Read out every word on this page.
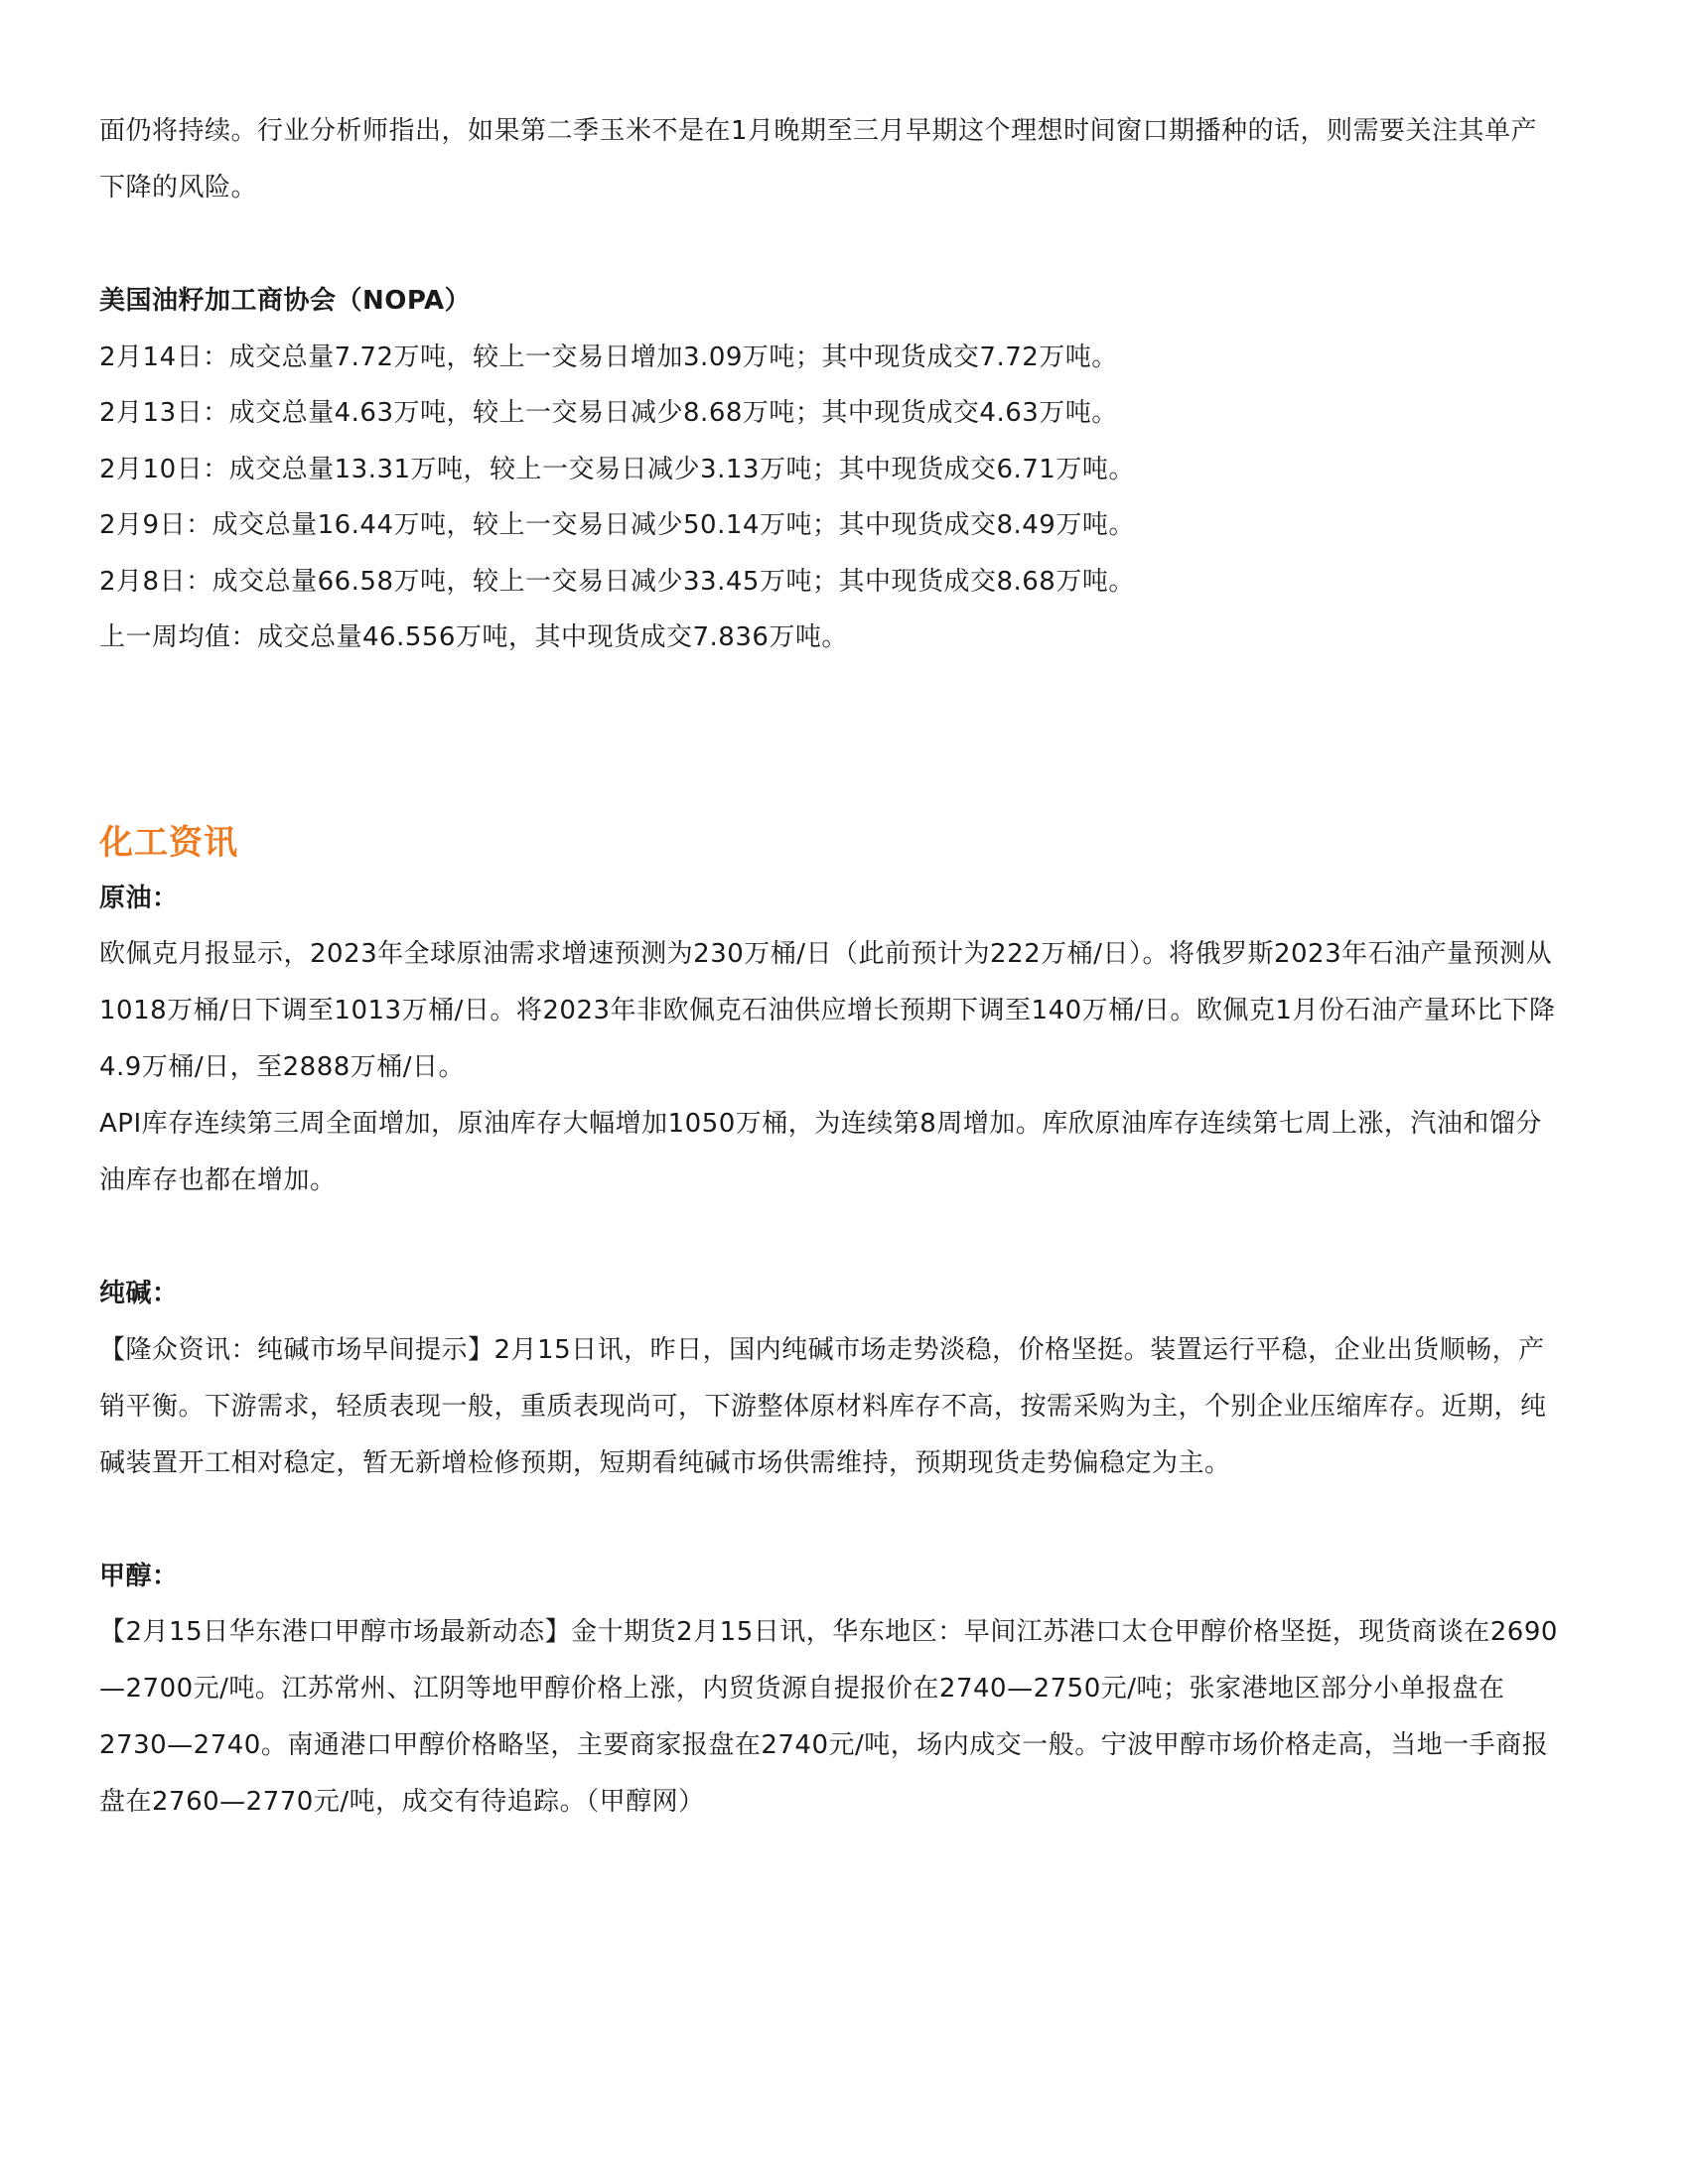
面仍将持续。行业分析师指出，如果第二季玉米不是在1月晚期至三月早期这个理想时间窗口期播种的话，则需要关注其单产下降的风险。

美国油籽加工商协会（NOPA）

2月14日：成交总量7.72万吨，较上一交易日增加3.09万吨；其中现货成交7.72万吨。

2月13日：成交总量4.63万吨，较上一交易日减少8.68万吨；其中现货成交4.63万吨。

2月10日：成交总量13.31万吨，较上一交易日减少3.13万吨；其中现货成交6.71万吨。

2月9日：成交总量16.44万吨，较上一交易日减少50.14万吨；其中现货成交8.49万吨。

2月8日：成交总量66.58万吨，较上一交易日减少33.45万吨；其中现货成交8.68万吨。

上一周均值：成交总量46.556万吨，其中现货成交7.836万吨。

化工资讯

原油：

欧佩克月报显示，2023年全球原油需求增速预测为230万桶/日（此前预计为222万桶/日）。将俄罗斯2023年石油产量预测从1018万桶/日下调至1013万桶/日。将2023年非欧佩克石油供应增长预期下调至140万桶/日。欧佩克1月份石油产量环比下降4.9万桶/日，至2888万桶/日。

API库存连续第三周全面增加，原油库存大幅增加1050万桶，为连续第8周增加。库欣原油库存连续第七周上涨，汽油和馏分油库存也都在增加。

纯碱：

【隆众资讯：纯碱市场早间提示】2月15日讯，昨日，国内纯碱市场走势淡稳，价格坚挺。装置运行平稳，企业出货顺畅，产销平衡。下游需求，轻质表现一般，重质表现尚可，下游整体原材料库存不高，按需采购为主，个别企业压缩库存。近期，纯碱装置开工相对稳定，暂无新增检修预期，短期看纯碱市场供需维持，预期现货走势偏稳定为主。

甲醇：

【2月15日华东港口甲醇市场最新动态】金十期货2月15日讯，华东地区：早间江苏港口太仓甲醇价格坚挺，现货商谈在2690—2700元/吨。江苏常州、江阴等地甲醇价格上涨，内贸货源自提报价在2740—2750元/吨；张家港地区部分小单报盘在2730—2740。南通港口甲醇价格略坚，主要商家报盘在2740元/吨，场内成交一般。宁波甲醇市场价格走高，当地一手商报盘在2760—2770元/吨，成交有待追踪。（甲醇网）
